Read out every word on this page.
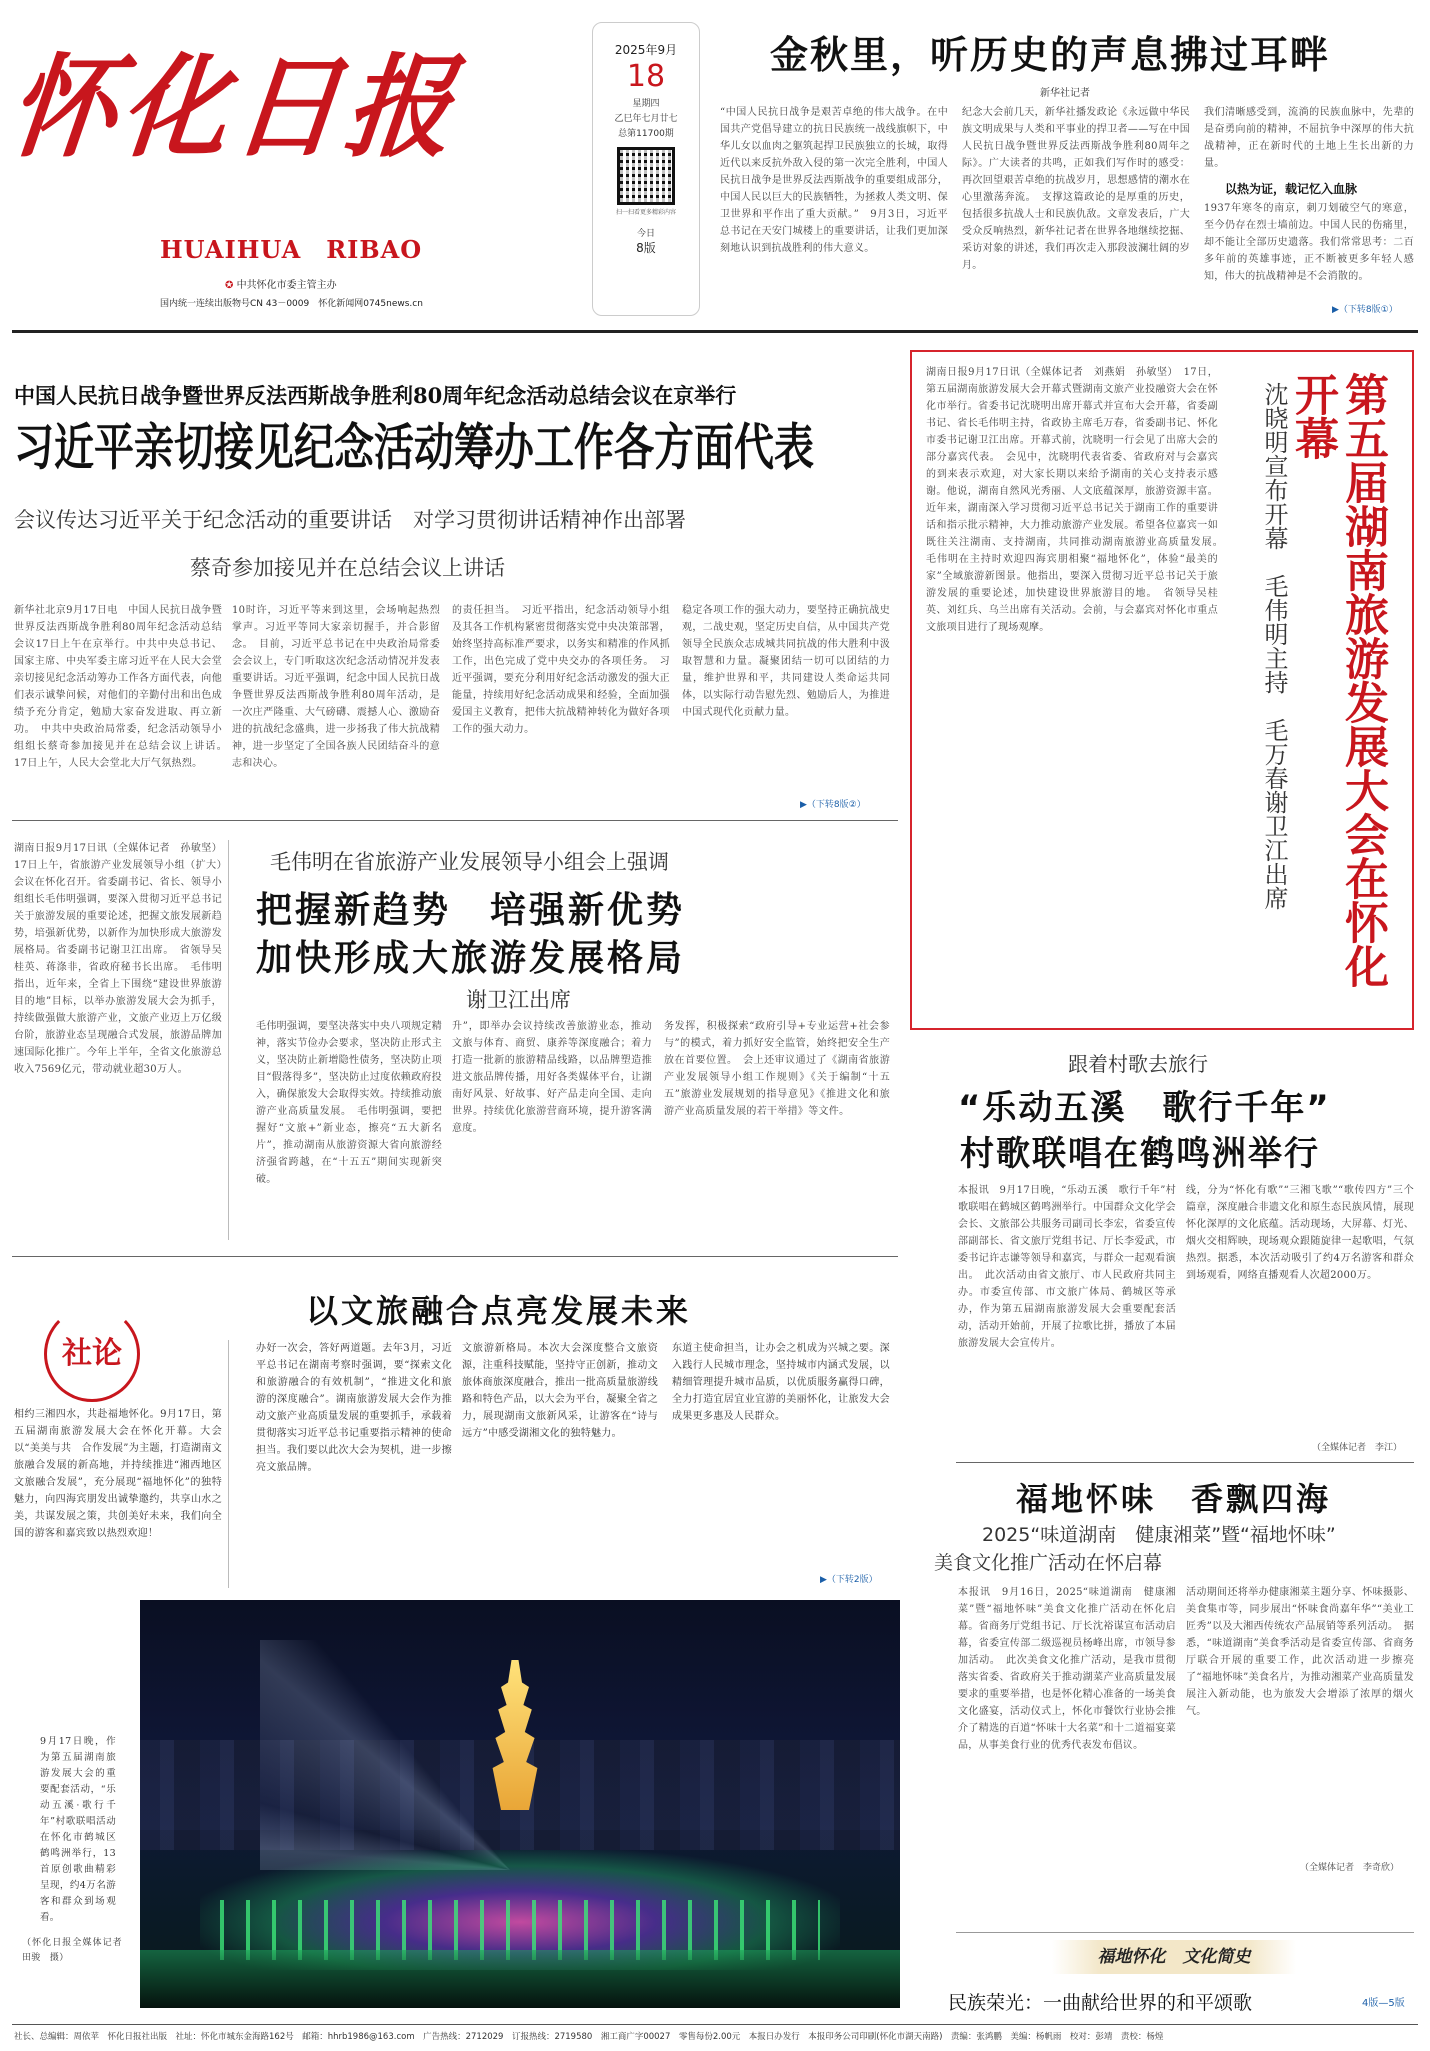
怀化日报
HUAIHUA　RIBAO
✪ 中共怀化市委主管主办
国内统一连续出版物号CN 43－0009　怀化新闻网0745news.cn
2025年9月
18
星期四
乙巳年七月廿七
总第11700期
扫一扫看更多精彩内容
今日
8版
金秋里，听历史的声息拂过耳畔
新华社记者
“中国人民抗日战争是艰苦卓绝的伟大战争。在中国共产党倡导建立的抗日民族统一战线旗帜下，中华儿女以血肉之躯筑起捍卫民族独立的长城，取得近代以来反抗外敌入侵的第一次完全胜利，中国人民抗日战争是世界反法西斯战争的重要组成部分，中国人民以巨大的民族牺牲，为拯救人类文明、保卫世界和平作出了重大贡献。”　9月3日，习近平总书记在天安门城楼上的重要讲话，让我们更加深刻地认识到抗战胜利的伟大意义。
纪念大会前几天，新华社播发政论《永远做中华民族文明成果与人类和平事业的捍卫者——写在中国人民抗日战争暨世界反法西斯战争胜利80周年之际》。广大读者的共鸣，正如我们写作时的感受：再次回望艰苦卓绝的抗战岁月，思想感情的潮水在心里激荡奔流。　支撑这篇政论的是厚重的历史，包括很多抗战人士和民族仇敌。文章发表后，广大受众反响热烈，新华社记者在世界各地继续挖掘、采访对象的讲述，我们再次走入那段波澜壮阔的岁月。
我们清晰感受到，流淌的民族血脉中，先辈的是奋勇向前的精神，不屈抗争中深厚的伟大抗战精神，正在新时代的土地上生长出新的力量。
以热为证，载记忆入血脉
1937年寒冬的南京，刺刀划破空气的寒意，至今仍存在烈士墙前边。中国人民的伤痛里，却不能让全部历史遗落。我们常常思考：二百多年前的英雄事迹，正不断被更多年轻人感知，伟大的抗战精神是不会消散的。
▶（下转8版①）
中国人民抗日战争暨世界反法西斯战争胜利80周年纪念活动总结会议在京举行
习近平亲切接见纪念活动筹办工作各方面代表
会议传达习近平关于纪念活动的重要讲话　对学习贯彻讲话精神作出部署
蔡奇参加接见并在总结会议上讲话
新华社北京9月17日电　中国人民抗日战争暨世界反法西斯战争胜利80周年纪念活动总结会议17日上午在京举行。中共中央总书记、国家主席、中央军委主席习近平在人民大会堂亲切接见纪念活动筹办工作各方面代表，向他们表示诚挚问候，对他们的辛勤付出和出色成绩予充分肯定，勉励大家奋发进取、再立新功。　中共中央政治局常委，纪念活动领导小组组长蔡奇参加接见并在总结会议上讲话。　17日上午，人民大会堂北大厅气氛热烈。
10时许，习近平等来到这里，会场响起热烈掌声。习近平等同大家亲切握手，并合影留念。　目前，习近平总书记在中央政治局常委会会议上，专门听取这次纪念活动情况并发表重要讲话。习近平强调，纪念中国人民抗日战争暨世界反法西斯战争胜利80周年活动，是一次庄严隆重、大气磅礴、震撼人心、激励奋进的抗战纪念盛典，进一步扬我了伟大抗战精神，进一步坚定了全国各族人民团结奋斗的意志和决心。
的责任担当。　习近平指出，纪念活动领导小组及其各工作机构紧密贯彻落实党中央决策部署，始终坚持高标准严要求，以务实和精准的作风抓工作，出色完成了党中央交办的各项任务。　习近平强调，要充分利用好纪念活动激发的强大正能量，持续用好纪念活动成果和经验，全面加强爱国主义教育，把伟大抗战精神转化为做好各项工作的强大动力。
稳定各项工作的强大动力，要坚持正确抗战史观，二战史观，坚定历史自信，从中国共产党领导全民族众志成城共同抗战的伟大胜利中汲取智慧和力量。凝聚团结一切可以团结的力量，维护世界和平，共同建设人类命运共同体，以实际行动告慰先烈、勉励后人，为推进中国式现代化贡献力量。
▶（下转8版②）
湖南日报9月17日讯（全媒体记者　刘燕娟　孙敏坚）　17日，第五届湖南旅游发展大会开幕式暨湖南文旅产业投融资大会在怀化市举行。省委书记沈晓明出席开幕式并宣布大会开幕，省委副书记、省长毛伟明主持，省政协主席毛万春，省委副书记、怀化市委书记谢卫江出席。开幕式前，沈晓明一行会见了出席大会的部分嘉宾代表。　会见中，沈晓明代表省委、省政府对与会嘉宾的到来表示欢迎，对大家长期以来给予湖南的关心支持表示感谢。他说，湖南自然风光秀丽、人文底蕴深厚，旅游资源丰富。近年来，湖南深入学习贯彻习近平总书记关于湖南工作的重要讲话和指示批示精神，大力推动旅游产业发展。希望各位嘉宾一如既往关注湖南、支持湖南，共同推动湖南旅游业高质量发展。　毛伟明在主持时欢迎四海宾朋相聚“福地怀化”，体验“最美的家”全域旅游新图景。他指出，要深入贯彻习近平总书记关于旅游发展的重要论述，加快建设世界旅游目的地。　省领导吴桂英、刘红兵、乌兰出席有关活动。会前，与会嘉宾对怀化市重点文旅项目进行了现场观摩。	沈晓明宣布开幕　毛伟明主持　毛万春谢卫江出席	第五届湖南旅游发展大会在怀化开幕
湖南日报9月17日讯（全媒体记者　孙敏坚）17日上午，省旅游产业发展领导小组（扩大）会议在怀化召开。省委副书记、省长、领导小组组长毛伟明强调，要深入贯彻习近平总书记关于旅游发展的重要论述，把握文旅发展新趋势，培强新优势，以新作为加快形成大旅游发展格局。省委副书记谢卫江出席。　省领导吴桂英、蒋涤非，省政府秘书长出席。　毛伟明指出，近年来，全省上下围绕“建设世界旅游目的地”目标，以举办旅游发展大会为抓手，持续做强做大旅游产业，文旅产业迈上万亿级台阶，旅游业态呈现融合式发展，旅游品牌加速国际化推广。今年上半年，全省文化旅游总收入7569亿元，带动就业超30万人。
毛伟明在省旅游产业发展领导小组会上强调
把握新趋势　培强新优势
加快形成大旅游发展格局
谢卫江出席
毛伟明强调，要坚决落实中央八项规定精神，落实节俭办会要求，坚决防止形式主义，坚决防止新增隐性债务，坚决防止项目“假落得多”，坚决防止过度依赖政府投入，确保旅发大会取得实效。持续推动旅游产业高质量发展。　毛伟明强调，要把握好“文旅+”新业态，擦亮“五大新名片”，推动湖南从旅游资源大省向旅游经济强省跨越，在“十五五”期间实现新突破。
升”，即举办会议持续改善旅游业态，推动文旅与体育、商贸、康养等深度融合；着力打造一批新的旅游精品线路，以品牌塑造推进文旅品牌传播，用好各类媒体平台，让湖南好风景、好故事、好产品走向全国、走向世界。持续优化旅游营商环境，提升游客满意度。
务发挥，积极探索“政府引导+专业运营+社会参与”的模式，着力抓好安全监管，始终把安全生产放在首要位置。　会上还审议通过了《湖南省旅游产业发展领导小组工作规则》《关于编制“十五五”旅游业发展规划的指导意见》《推进文化和旅游产业高质量发展的若干举措》等文件。
社论
以文旅融合点亮发展未来
相约三湘四水，共赴福地怀化。9月17日，第五届湖南旅游发展大会在怀化开幕。大会以“美美与共　合作发展”为主题，打造湖南文旅融合发展的新高地，并持续推进“湘西地区文旅融合发展”，充分展现“福地怀化”的独特魅力，向四海宾朋发出诚挚邀约，共享山水之美，共谋发展之策，共创美好未来，我们向全国的游客和嘉宾致以热烈欢迎！
办好一次会，答好两道题。去年3月，习近平总书记在湖南考察时强调，要“探索文化和旅游融合的有效机制”，“推进文化和旅游的深度融合”。湖南旅游发展大会作为推动文旅产业高质量发展的重要抓手，承载着贯彻落实习近平总书记重要指示精神的使命担当。我们要以此次大会为契机，进一步擦亮文旅品牌。
文旅游新格局。本次大会深度整合文旅资源，注重科技赋能，坚持守正创新，推动文旅体商旅深度融合，推出一批高质量旅游线路和特色产品，以大会为平台，凝聚全省之力，展现湖南文旅新风采，让游客在“诗与远方”中感受湖湘文化的独特魅力。
东道主使命担当，让办会之机成为兴城之要。深入践行人民城市理念，坚持城市内涵式发展，以精细管理提升城市品质，以优质服务赢得口碑，全力打造宜居宜业宜游的美丽怀化，让旅发大会成果更多惠及人民群众。
▶（下转2版）
9月17日晚，作为第五届湖南旅游发展大会的重要配套活动，“乐动五溪·歌行千年”村歌联唱活动在怀化市鹤城区鹤鸣洲举行，13首原创歌曲精彩呈现，约4万名游客和群众到场观看。
（怀化日报全媒体记者　田骏　摄）
跟着村歌去旅行
“乐动五溪　歌行千年”
村歌联唱在鹤鸣洲举行
本报讯　9月17日晚，“乐动五溪　歌行千年”村歌联唱在鹤城区鹤鸣洲举行。中国群众文化学会会长、文旅部公共服务司副司长李宏，省委宣传部副部长、省文旅厅党组书记、厅长李爱武，市委书记许志谦等领导和嘉宾，与群众一起观看演出。　此次活动由省文旅厅、市人民政府共同主办。市委宣传部、市文旅广体局、鹤城区等承办，作为第五届湖南旅游发展大会重要配套活动，活动开始前，开展了拉歌比拼，播放了本届旅游发展大会宣传片。
线，分为“怀化有歌”“三湘飞歌”“歌传四方”三个篇章，深度融合非遗文化和原生态民族风情，展现怀化深厚的文化底蕴。活动现场，大屏幕、灯光、烟火交相辉映，现场观众跟随旋律一起歌唱，气氛热烈。据悉，本次活动吸引了约4万名游客和群众到场观看，网络直播观看人次超2000万。
（全媒体记者　李江）
福地怀味　香飘四海
2025“味道湖南　健康湘菜”暨“福地怀味”
美食文化推广活动在怀启幕
本报讯　9月16日，2025“味道湖南　健康湘菜”暨“福地怀味”美食文化推广活动在怀化启幕。省商务厅党组书记、厅长沈裕谋宣布活动启幕，省委宣传部二级巡视员杨峰出席，市领导参加活动。　此次美食文化推广活动，是我市贯彻落实省委、省政府关于推动湖菜产业高质量发展要求的重要举措，也是怀化精心准备的一场美食文化盛宴，活动仪式上，怀化市餐饮行业协会推介了精选的百道“怀味十大名菜”和十二道福宴菜品，从事美食行业的优秀代表发布倡议。
活动期间还将举办健康湘菜主题分享、怀味摄影、美食集市等，同步展出“怀味食尚嘉年华”“美业工匠秀”以及大湘西传统农产品展销等系列活动。　据悉，“味道湖南”美食季活动是省委宣传部、省商务厅联合开展的重要工作，此次活动进一步擦亮了“福地怀味”美食名片，为推动湘菜产业高质量发展注入新动能，也为旅发大会增添了浓厚的烟火气。
（全媒体记者　李奇欣）
福地怀化　文化简史
民族荣光：一曲献给世界的和平颂歌	4版—5版
社长、总编辑：周依苹　怀化日报社出版　社址：怀化市城东金海路162号　邮箱：hhrb1986@163.com　广告热线：2712029　订报热线：2719580　湘工商广字00027　零售每份2.00元　本报日办发行　本报印务公司印刷(怀化市湖天南路)　责编：张鸿鹏　美编：杨帆雨　校对：彭靖　责校：杨煌
